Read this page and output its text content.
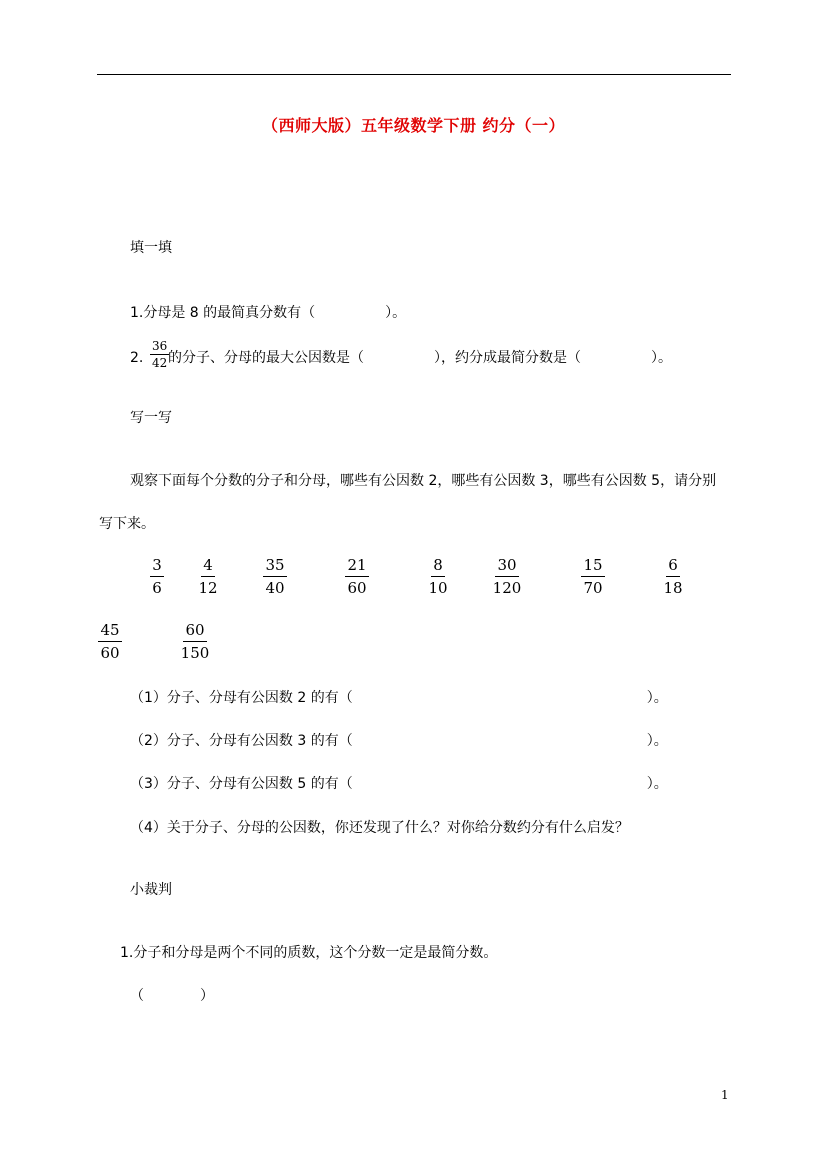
（西师大版）五年级数学下册 约分（一）
填一填
1.分母是 8 的最简真分数有（　　　　　）。
2. $\frac{36}{42}$
的分子、分母的最大公因数是（　　　　　），约分成最简分数是（　　　　　）。
写一写
观察下面每个分数的分子和分母，哪些有公因数 2，哪些有公因数 3，哪些有公因数 5，请分别
写下来。
$\frac{3}{6} \frac{4}{12} \frac{35}{40}$	$\frac{21}{60}$	$\frac{8}{10} \frac{30}{120}$	$\frac{15}{70}$	$\frac{6}{18}$
$\frac{45}{60}$	$\frac{60}{150}$
（1）分子、分母有公因数 2 的有（　　　　　　　　　　　　　　　　　　　　　）。
（2）分子、分母有公因数 3 的有（　　　　　　　　　　　　　　　　　　　　　）。
（3）分子、分母有公因数 5 的有（　　　　　　　　　　　　　　　　　　　　　）。
（4）关于分子、分母的公因数，你还发现了什么？对你给分数约分有什么启发？
小裁判
1.分子和分母是两个不同的质数，这个分数一定是最简分数。
（　　　　）
1
